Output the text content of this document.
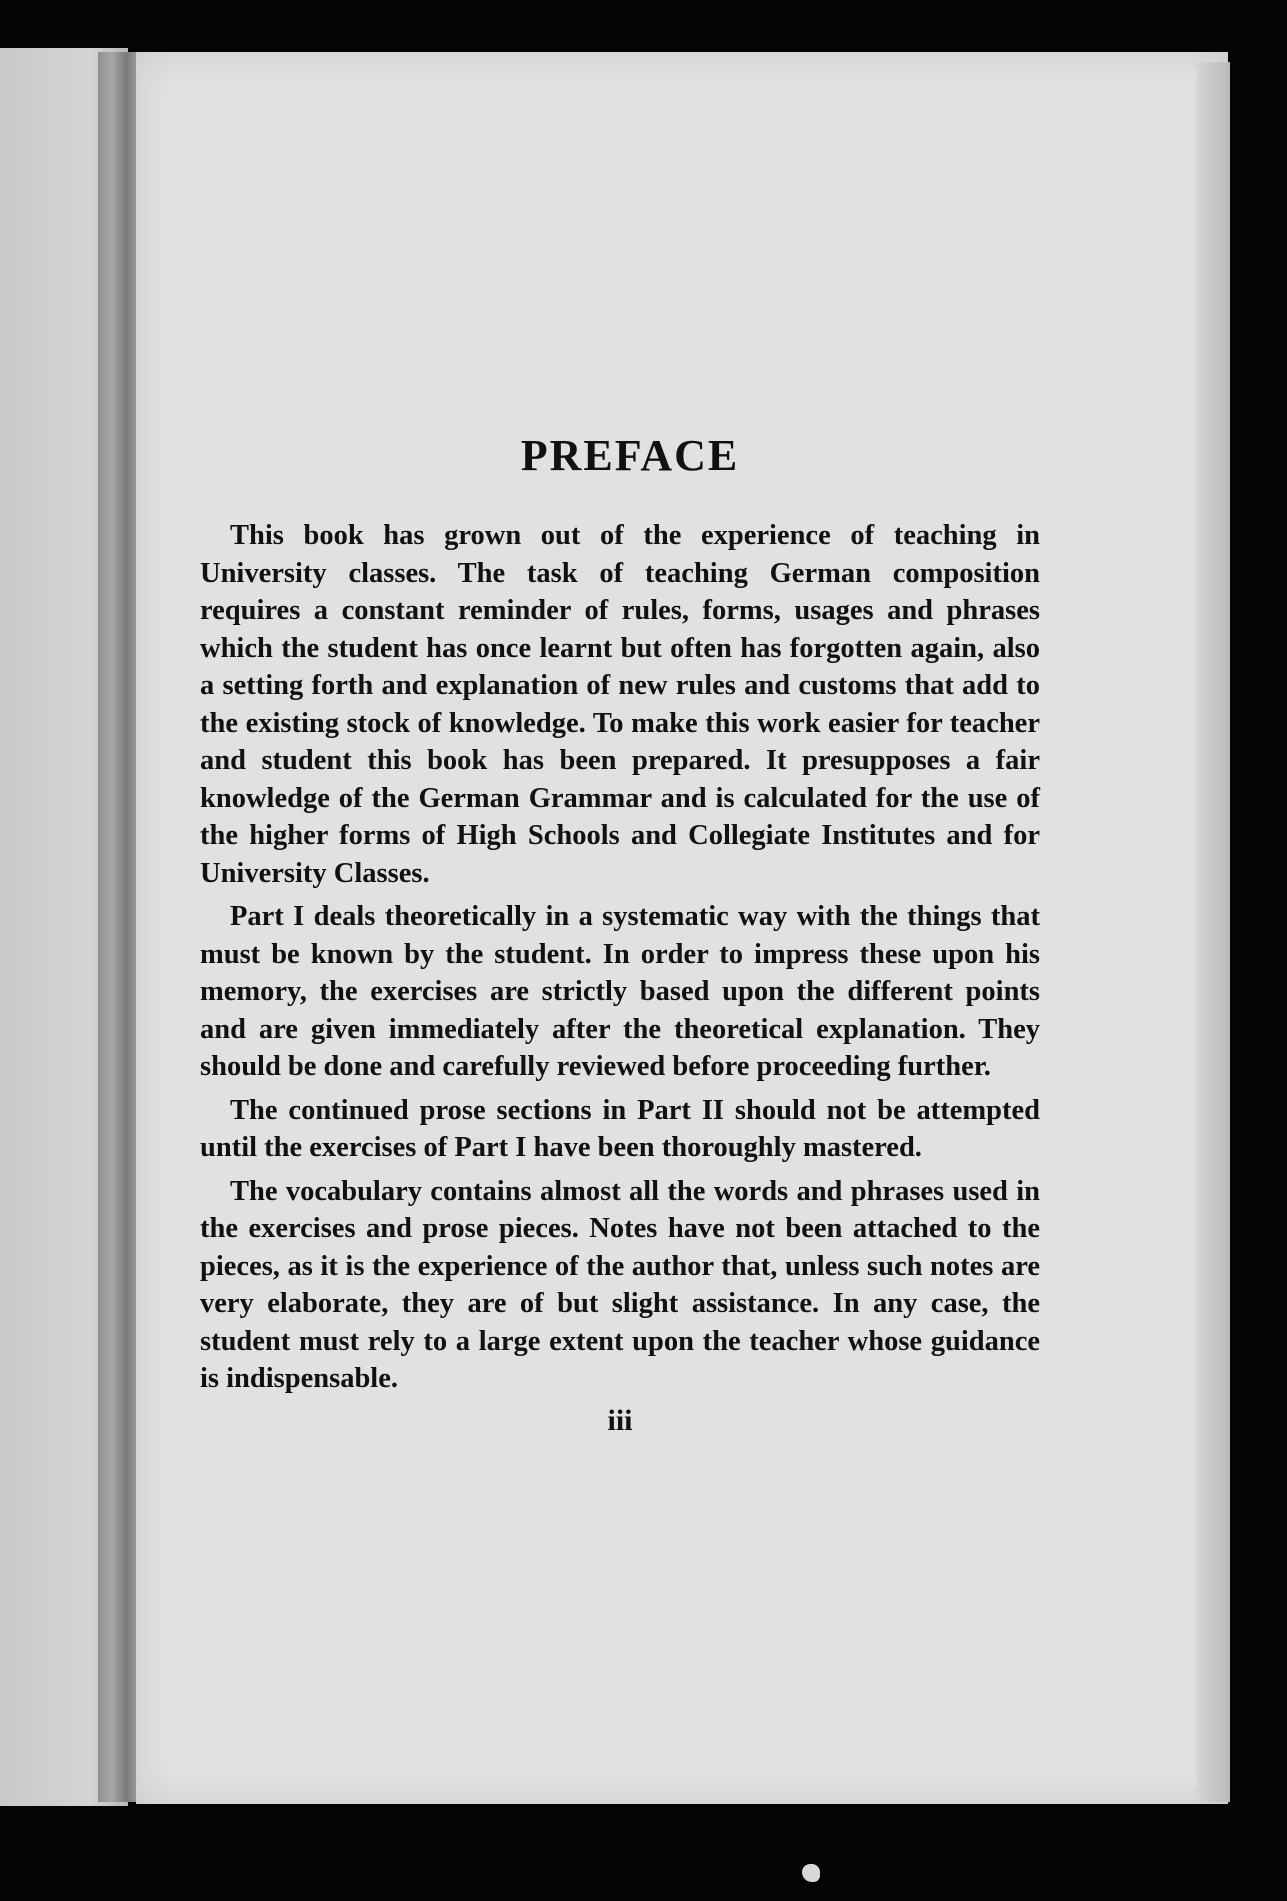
PREFACE

This book has grown out of the experience of teaching in University classes. The task of teaching German composition requires a constant reminder of rules, forms, usages and phrases which the student has once learnt but often has forgotten again, also a setting forth and explanation of new rules and customs that add to the existing stock of knowledge. To make this work easier for teacher and student this book has been prepared. It presupposes a fair knowledge of the German Grammar and is calculated for the use of the higher forms of High Schools and Collegiate Institutes and for University Classes.

Part I deals theoretically in a systematic way with the things that must be known by the student. In order to impress these upon his memory, the exercises are strictly based upon the different points and are given immediately after the theoretical explanation. They should be done and carefully reviewed before proceeding further.

The continued prose sections in Part II should not be attempted until the exercises of Part I have been thoroughly mastered.

The vocabulary contains almost all the words and phrases used in the exercises and prose pieces. Notes have not been attached to the pieces, as it is the experience of the author that, unless such notes are very elaborate, they are of but slight assistance. In any case, the student must rely to a large extent upon the teacher whose guidance is indispensable.

iii
